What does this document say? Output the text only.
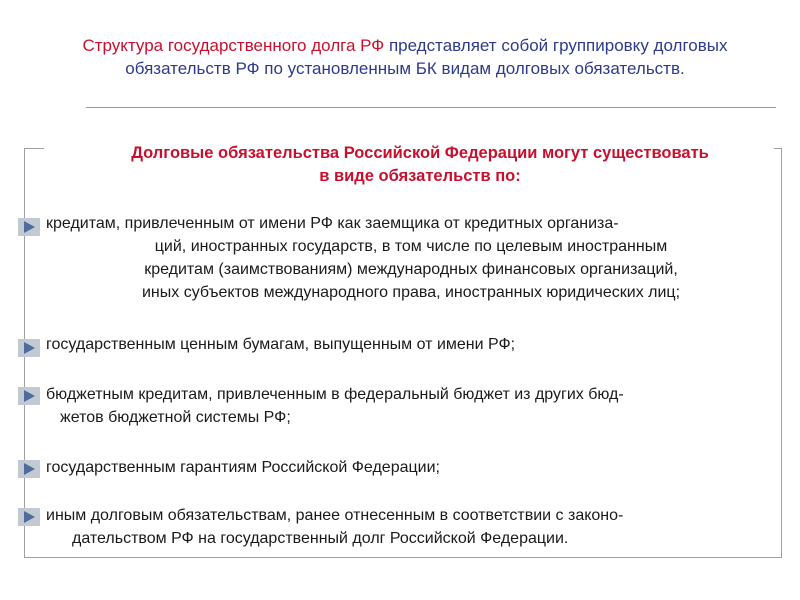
Структура государственного долга РФ представляет собой группировку долговых обязательств РФ по установленным БК видам долговых обязательств.
Долговые обязательства Российской Федерации могут существовать
в виде обязательств по:
кредитам, привлеченным от имени РФ как заемщика от кредитных организа-
ций, иностранных государств, в том числе по целевым иностранным
кредитам (заимствованиям) международных финансовых организаций,
иных субъектов международного права, иностранных юридических лиц;
государственным ценным бумагам, выпущенным от имени РФ;
бюджетным кредитам, привлеченным в федеральный бюджет из других бюд-
жетов бюджетной системы РФ;
государственным гарантиям Российской Федерации;
иным долговым обязательствам, ранее отнесенным в соответствии с законо-
дательством РФ на государственный долг Российской Федерации.
